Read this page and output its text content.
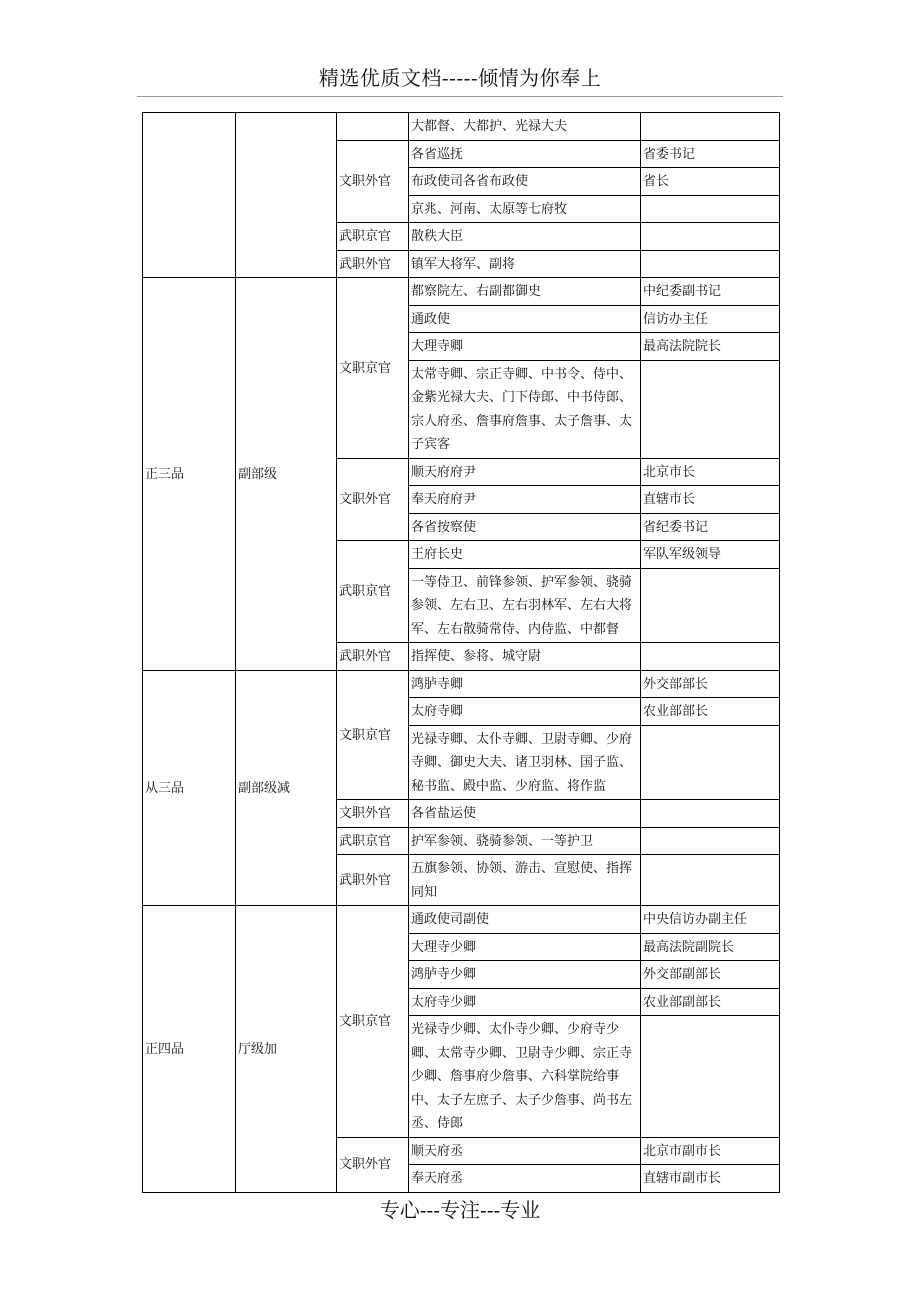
精选优质文档-----倾情为你奉上
			大都督、大都护、光禄大夫	
		文职外官	各省巡抚	省委书记
			布政使司各省布政使	省长
			京兆、河南、太原等七府牧	
		武职京官	散秩大臣	
		武职外官	镇军大将军、副将	
正三品	副部级	文职京官	都察院左、右副都御史	中纪委副书记
			通政使	信访办主任
			大理寺卿	最高法院院长
			太常寺卿、宗正寺卿、中书令、侍中、金紫光禄大夫、门下侍郎、中书侍郎、宗人府丞、詹事府詹事、太子詹事、太子宾客	
		文职外官	顺天府府尹	北京市长
			奉天府府尹	直辖市长
			各省按察使	省纪委书记
		武职京官	王府长史	军队军级领导
			一等侍卫、前锋参领、护军参领、骁骑参领、左右卫、左右羽林军、左右大将军、左右散骑常侍、内侍监、中都督	
		武职外官	指挥使、参将、城守尉	
从三品	副部级减	文职京官	鸿胪寺卿	外交部部长
			太府寺卿	农业部部长
			光禄寺卿、太仆寺卿、卫尉寺卿、少府寺卿、御史大夫、诸卫羽林、国子监、秘书监、殿中监、少府监、将作监	
		文职外官	各省盐运使	
		武职京官	护军参领、骁骑参领、一等护卫	
		武职外官	五旗参领、协领、游击、宣慰使、指挥同知	
正四品	厅级加	文职京官	通政使司副使	中央信访办副主任
			大理寺少卿	最高法院副院长
			鸿胪寺少卿	外交部副部长
			太府寺少卿	农业部副部长
			光禄寺少卿、太仆寺少卿、少府寺少卿、太常寺少卿、卫尉寺少卿、宗正寺少卿、詹事府少詹事、六科掌院给事中、太子左庶子、太子少詹事、尚书左丞、侍郎	
		文职外官	顺天府丞	北京市副市长
			奉天府丞	直辖市副市长
专心---专注---专业
